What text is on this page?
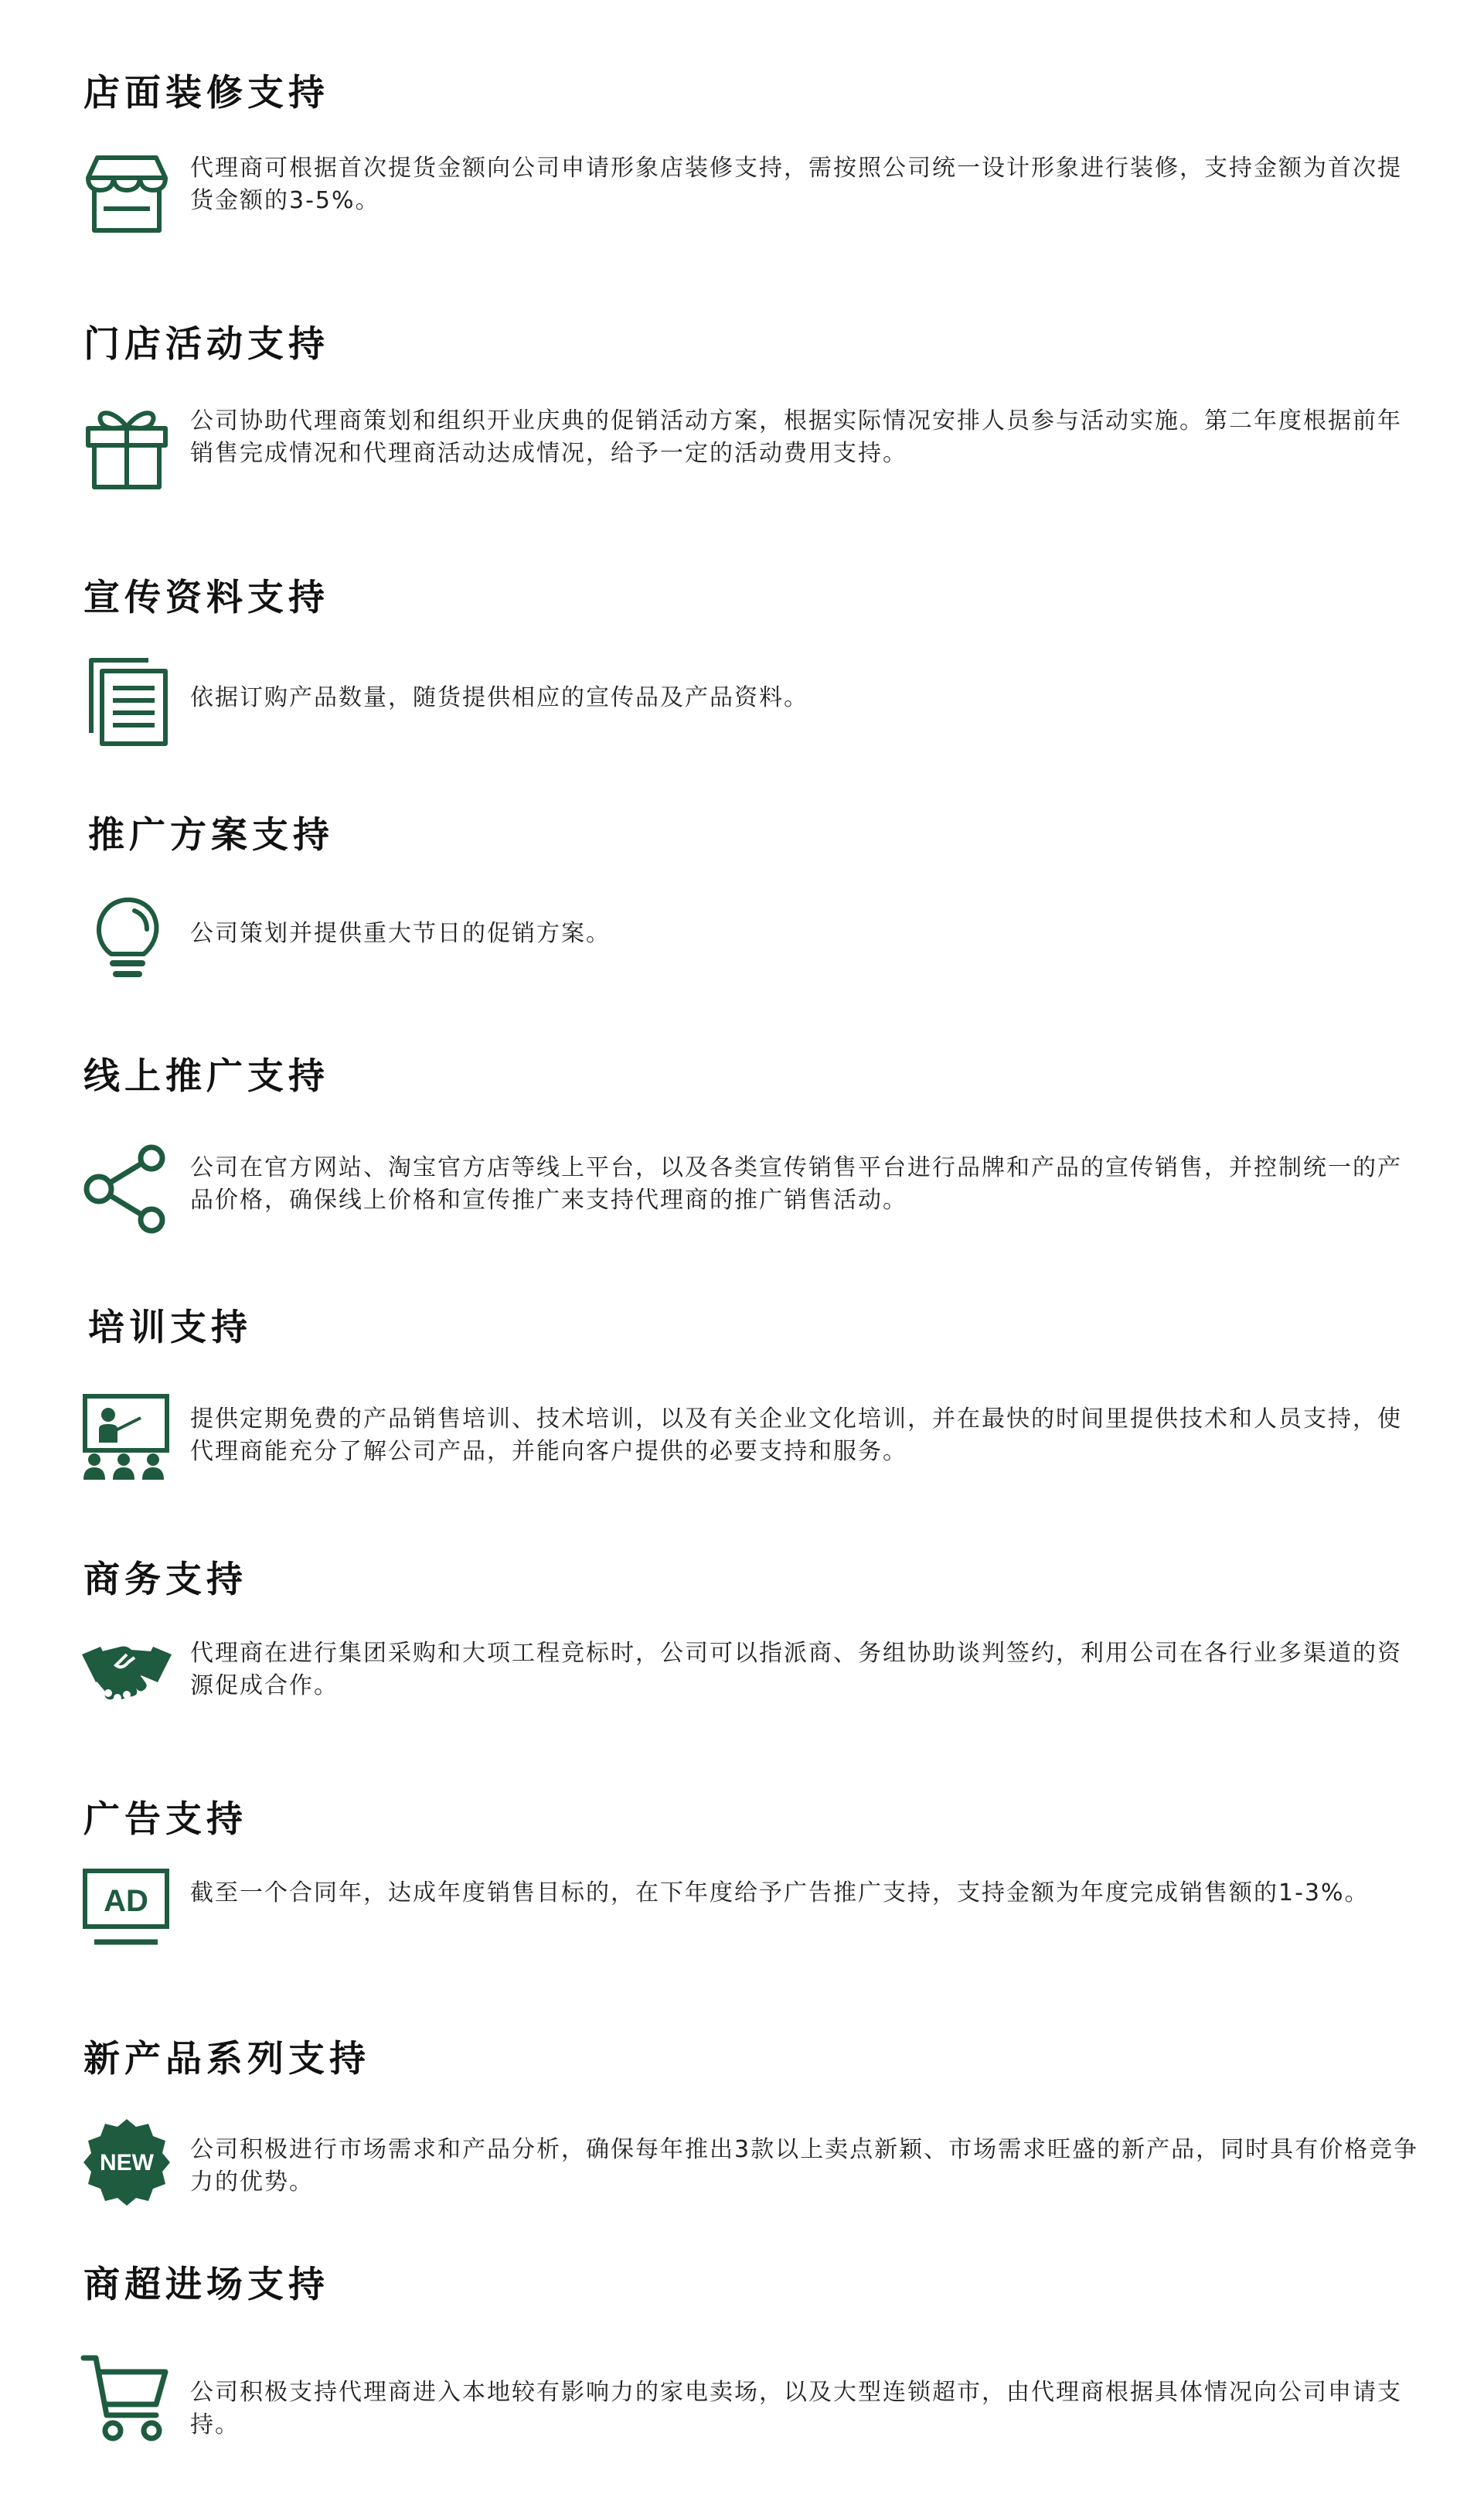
店面装修支持

代理商可根据首次提货金额向公司申请形象店装修支持，需按照公司统一设计形象进行装修，支持金额为首次提货金额的3-5%。

门店活动支持

公司协助代理商策划和组织开业庆典的促销活动方案，根据实际情况安排人员参与活动实施。第二年度根据前年销售完成情况和代理商活动达成情况，给予一定的活动费用支持。

宣传资料支持

依据订购产品数量，随货提供相应的宣传品及产品资料。

推广方案支持

公司策划并提供重大节日的促销方案。

线上推广支持

公司在官方网站、淘宝官方店等线上平台，以及各类宣传销售平台进行品牌和产品的宣传销售，并控制统一的产品价格，确保线上价格和宣传推广来支持代理商的推广销售活动。

培训支持

提供定期免费的产品销售培训、技术培训，以及有关企业文化培训，并在最快的时间里提供技术和人员支持，使代理商能充分了解公司产品，并能向客户提供的必要支持和服务。

商务支持

代理商在进行集团采购和大项工程竞标时，公司可以指派商、务组协助谈判签约，利用公司在各行业多渠道的资源促成合作。

广告支持
AD 截至一个合同年，达成年度销售目标的，在下年度给予广告推广支持，支持金额为年度完成销售额的1-3%。

新产品系列支持
NEW 公司积极进行市场需求和产品分析，确保每年推出3款以上卖点新颖、市场需求旺盛的新产品，同时具有价格竞争力的优势。

商超进场支持

公司积极支持代理商进入本地较有影响力的家电卖场，以及大型连锁超市，由代理商根据具体情况向公司申请支持。
